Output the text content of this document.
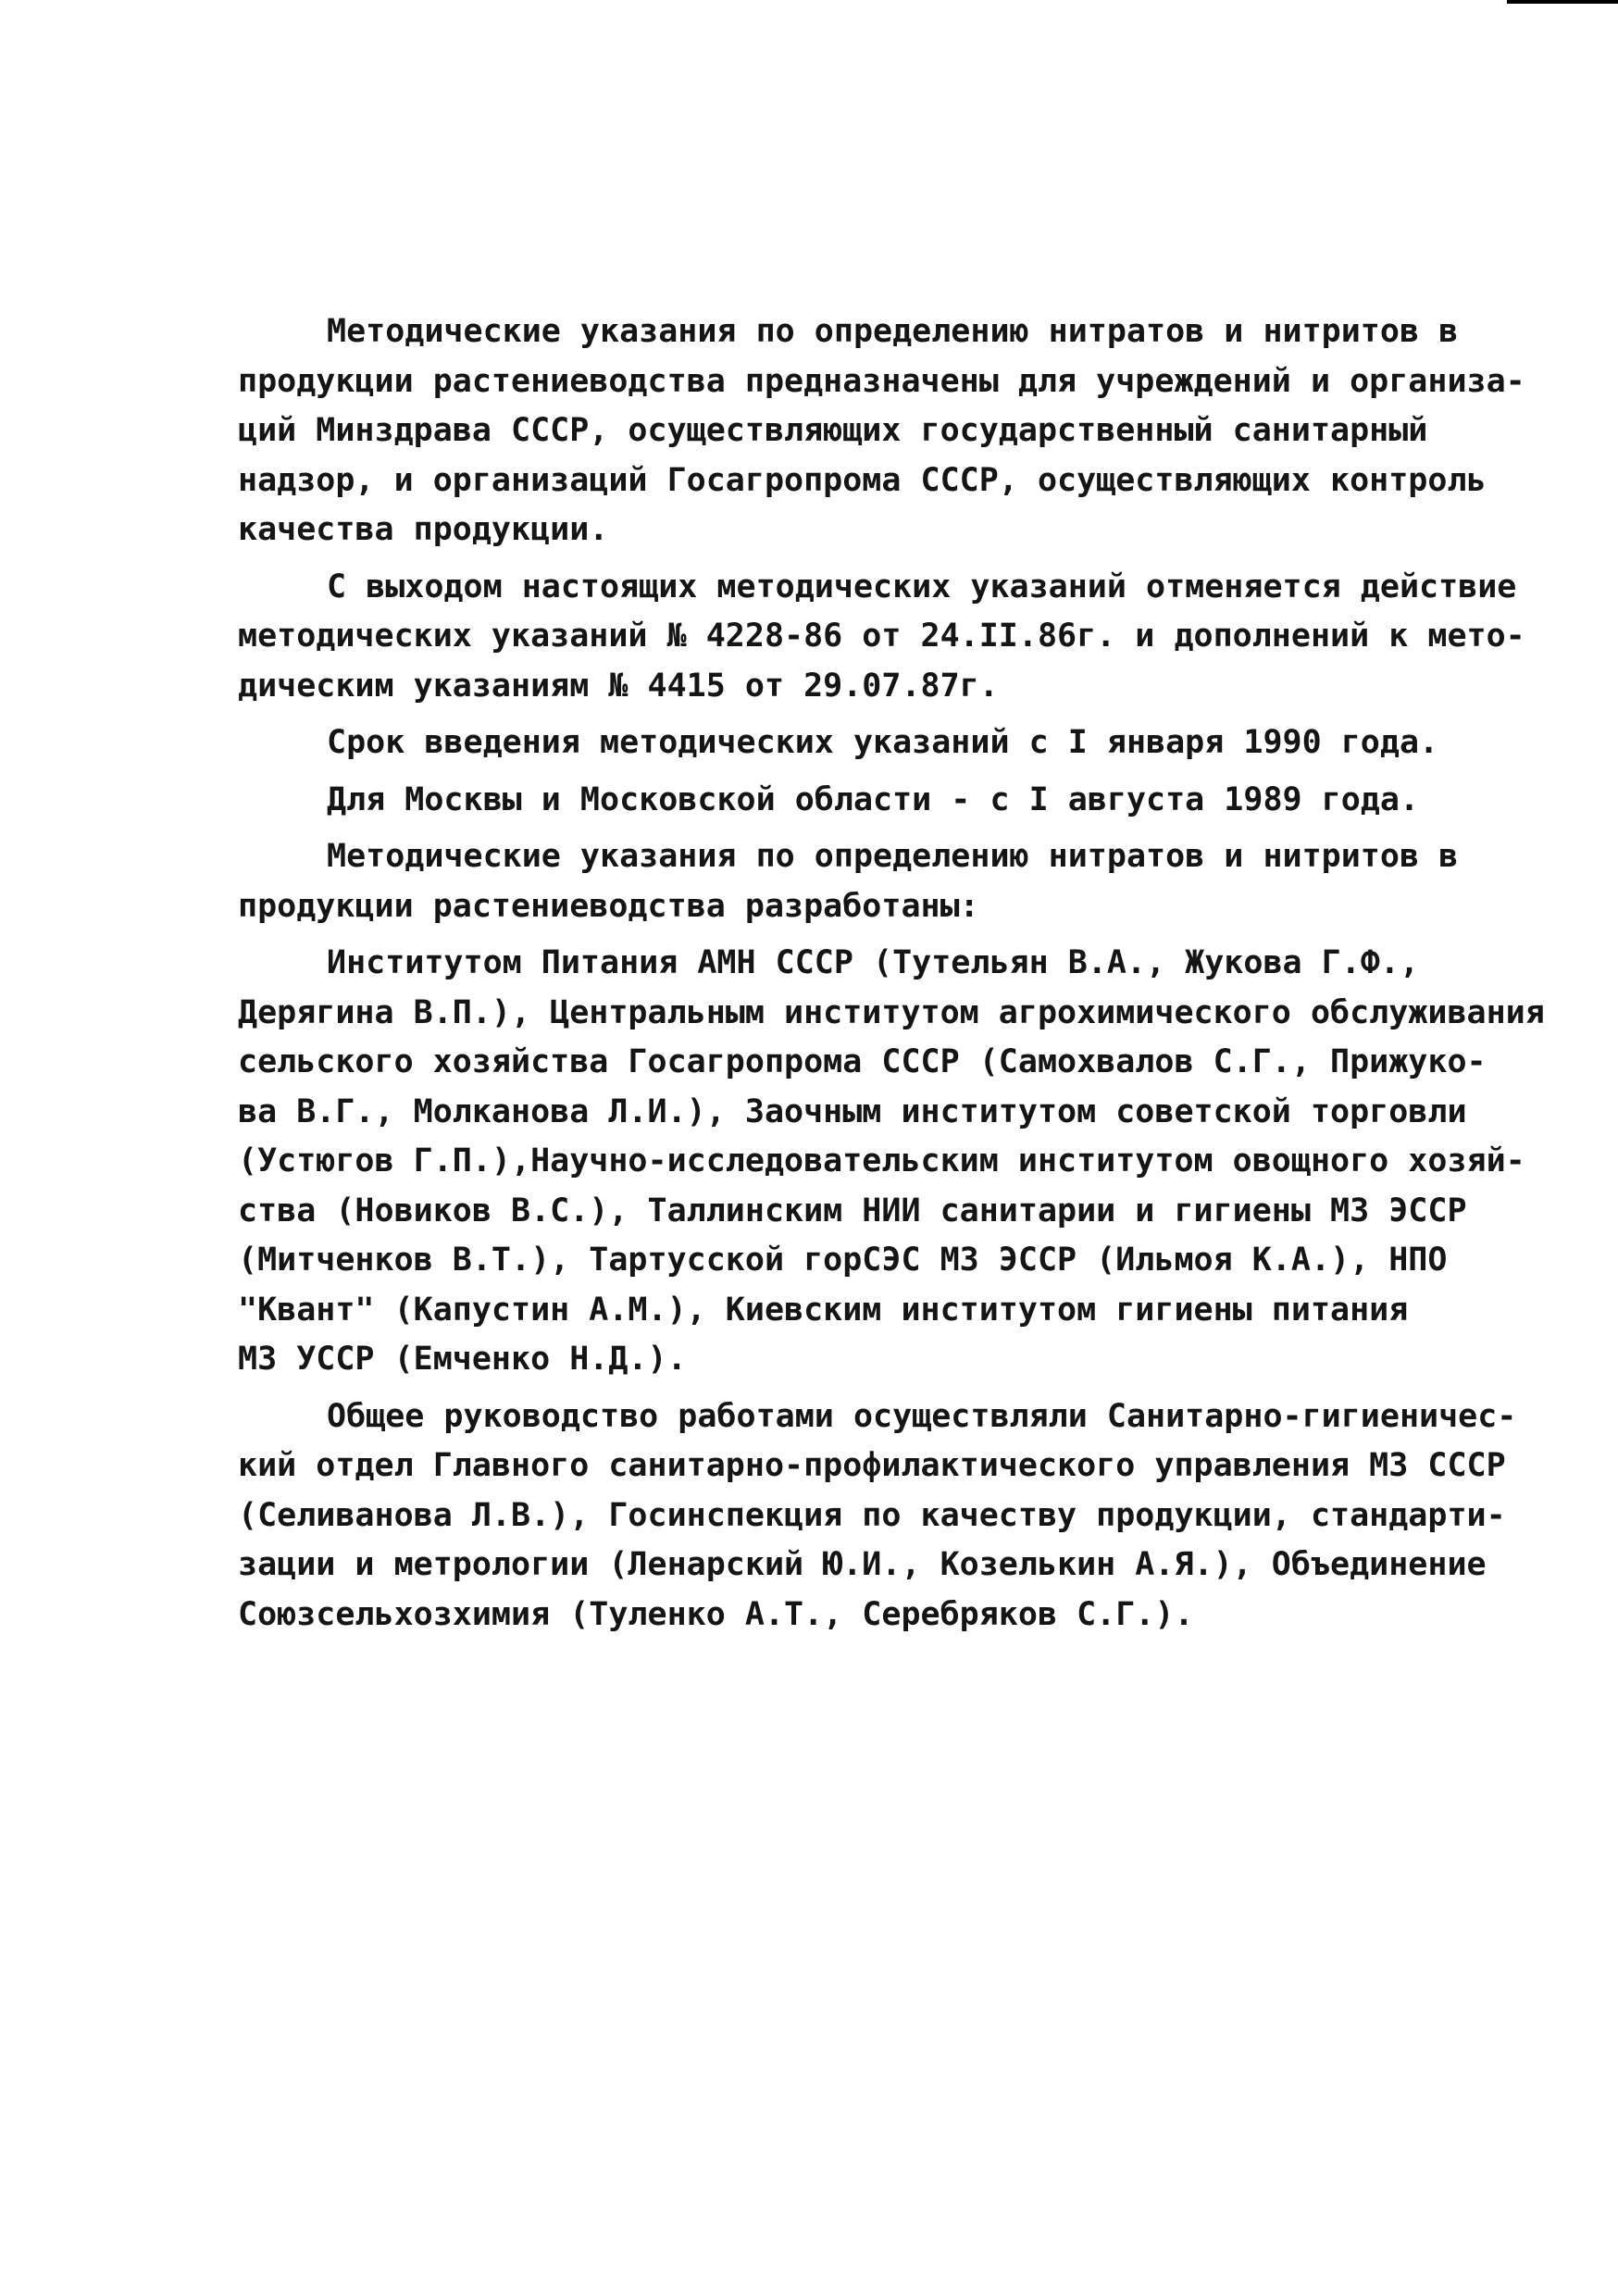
Методические указания по определению нитратов и нитритов в
продукции растениеводства предназначены для учреждений и организа-
ций Минздрава СССР, осуществляющих государственный санитарный
надзор, и организаций Госагропрома СССР, осуществляющих контроль
качества продукции.
С выходом настоящих методических указаний отменяется действие
методических указаний № 4228-86 от 24.II.86г. и дополнений к мето-
дическим указаниям № 4415 от 29.07.87г.
Срок введения методических указаний с I января 1990 года.
Для Москвы и Московской области - с I августа 1989 года.
Методические указания по определению нитратов и нитритов в
продукции растениеводства разработаны:
Институтом Питания АМН СССР (Тутельян В.А., Жукова Г.Ф.,
Дерягина В.П.), Центральным институтом агрохимического обслуживания
сельского хозяйства Госагропрома СССР (Самохвалов С.Г., Прижуко-
ва В.Г., Молканова Л.И.), Заочным институтом советской торговли
(Устюгов Г.П.),Научно-исследовательским институтом овощного хозяй-
ства (Новиков В.С.), Таллинским НИИ санитарии и гигиены МЗ ЭССР
(Митченков В.Т.), Тартусской горСЭС МЗ ЭССР (Ильмоя К.А.), НПО
"Квант" (Капустин А.М.), Киевским институтом гигиены питания
МЗ УССР (Емченко Н.Д.).
Общее руководство работами осуществляли Санитарно-гигиеничес-
кий отдел Главного санитарно-профилактического управления МЗ СССР
(Селиванова Л.В.), Госинспекция по качеству продукции, стандарти-
зации и метрологии (Ленарский Ю.И., Козелькин А.Я.), Объединение
Союзсельхозхимия (Туленко А.Т., Серебряков С.Г.).
